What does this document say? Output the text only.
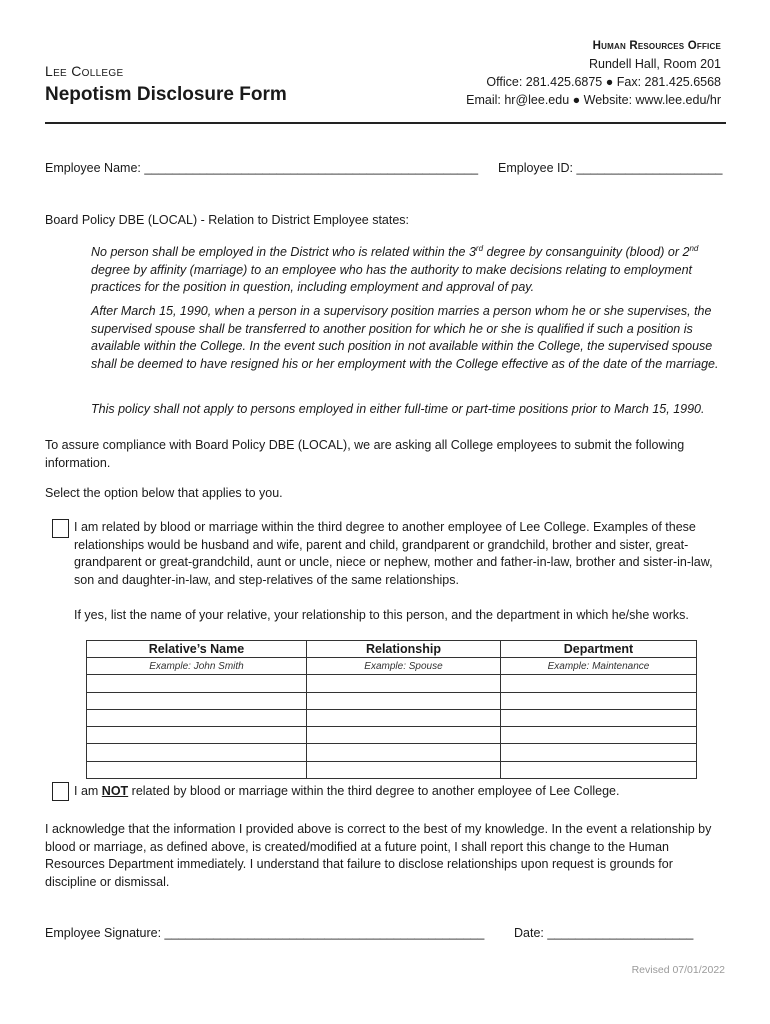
Lee College
Nepotism Disclosure Form
Human Resources Office
Rundell Hall, Room 201
Office: 281.425.6875 ● Fax: 281.425.6568
Email: hr@lee.edu ● Website: www.lee.edu/hr
Employee Name: ________________________________________________ Employee ID: _____________________
Board Policy DBE (LOCAL) - Relation to District Employee states:
No person shall be employed in the District who is related within the 3rd degree by consanguinity (blood) or 2nd degree by affinity (marriage) to an employee who has the authority to make decisions relating to employment practices for the position in question, including employment and approval of pay.
After March 15, 1990, when a person in a supervisory position marries a person whom he or she supervises, the supervised spouse shall be transferred to another position for which he or she is qualified if such a position is available within the College. In the event such position in not available within the College, the supervised spouse shall be deemed to have resigned his or her employment with the College effective as of the date of the marriage.
This policy shall not apply to persons employed in either full-time or part-time positions prior to March 15, 1990.
To assure compliance with Board Policy DBE (LOCAL), we are asking all College employees to submit the following information.
Select the option below that applies to you.
I am related by blood or marriage within the third degree to another employee of Lee College. Examples of these relationships would be husband and wife, parent and child, grandparent or grandchild, brother and sister, great-grandparent or great-grandchild, aunt or uncle, niece or nephew, mother and father-in-law, brother and sister-in-law, son and daughter-in-law, and step-relatives of the same relationships.
If yes, list the name of your relative, your relationship to this person, and the department in which he/she works.
Relative’s Name	Relationship	Department
Example: John Smith	Example: Spouse	Example: Maintenance

I am NOT related by blood or marriage within the third degree to another employee of Lee College.
I acknowledge that the information I provided above is correct to the best of my knowledge. In the event a relationship by blood or marriage, as defined above, is created/modified at a future point, I shall report this change to the Human Resources Department immediately. I understand that failure to disclose relationships upon request is grounds for discipline or dismissal.
Employee Signature: ______________________________________________ Date: _____________________
Revised 07/01/2022
